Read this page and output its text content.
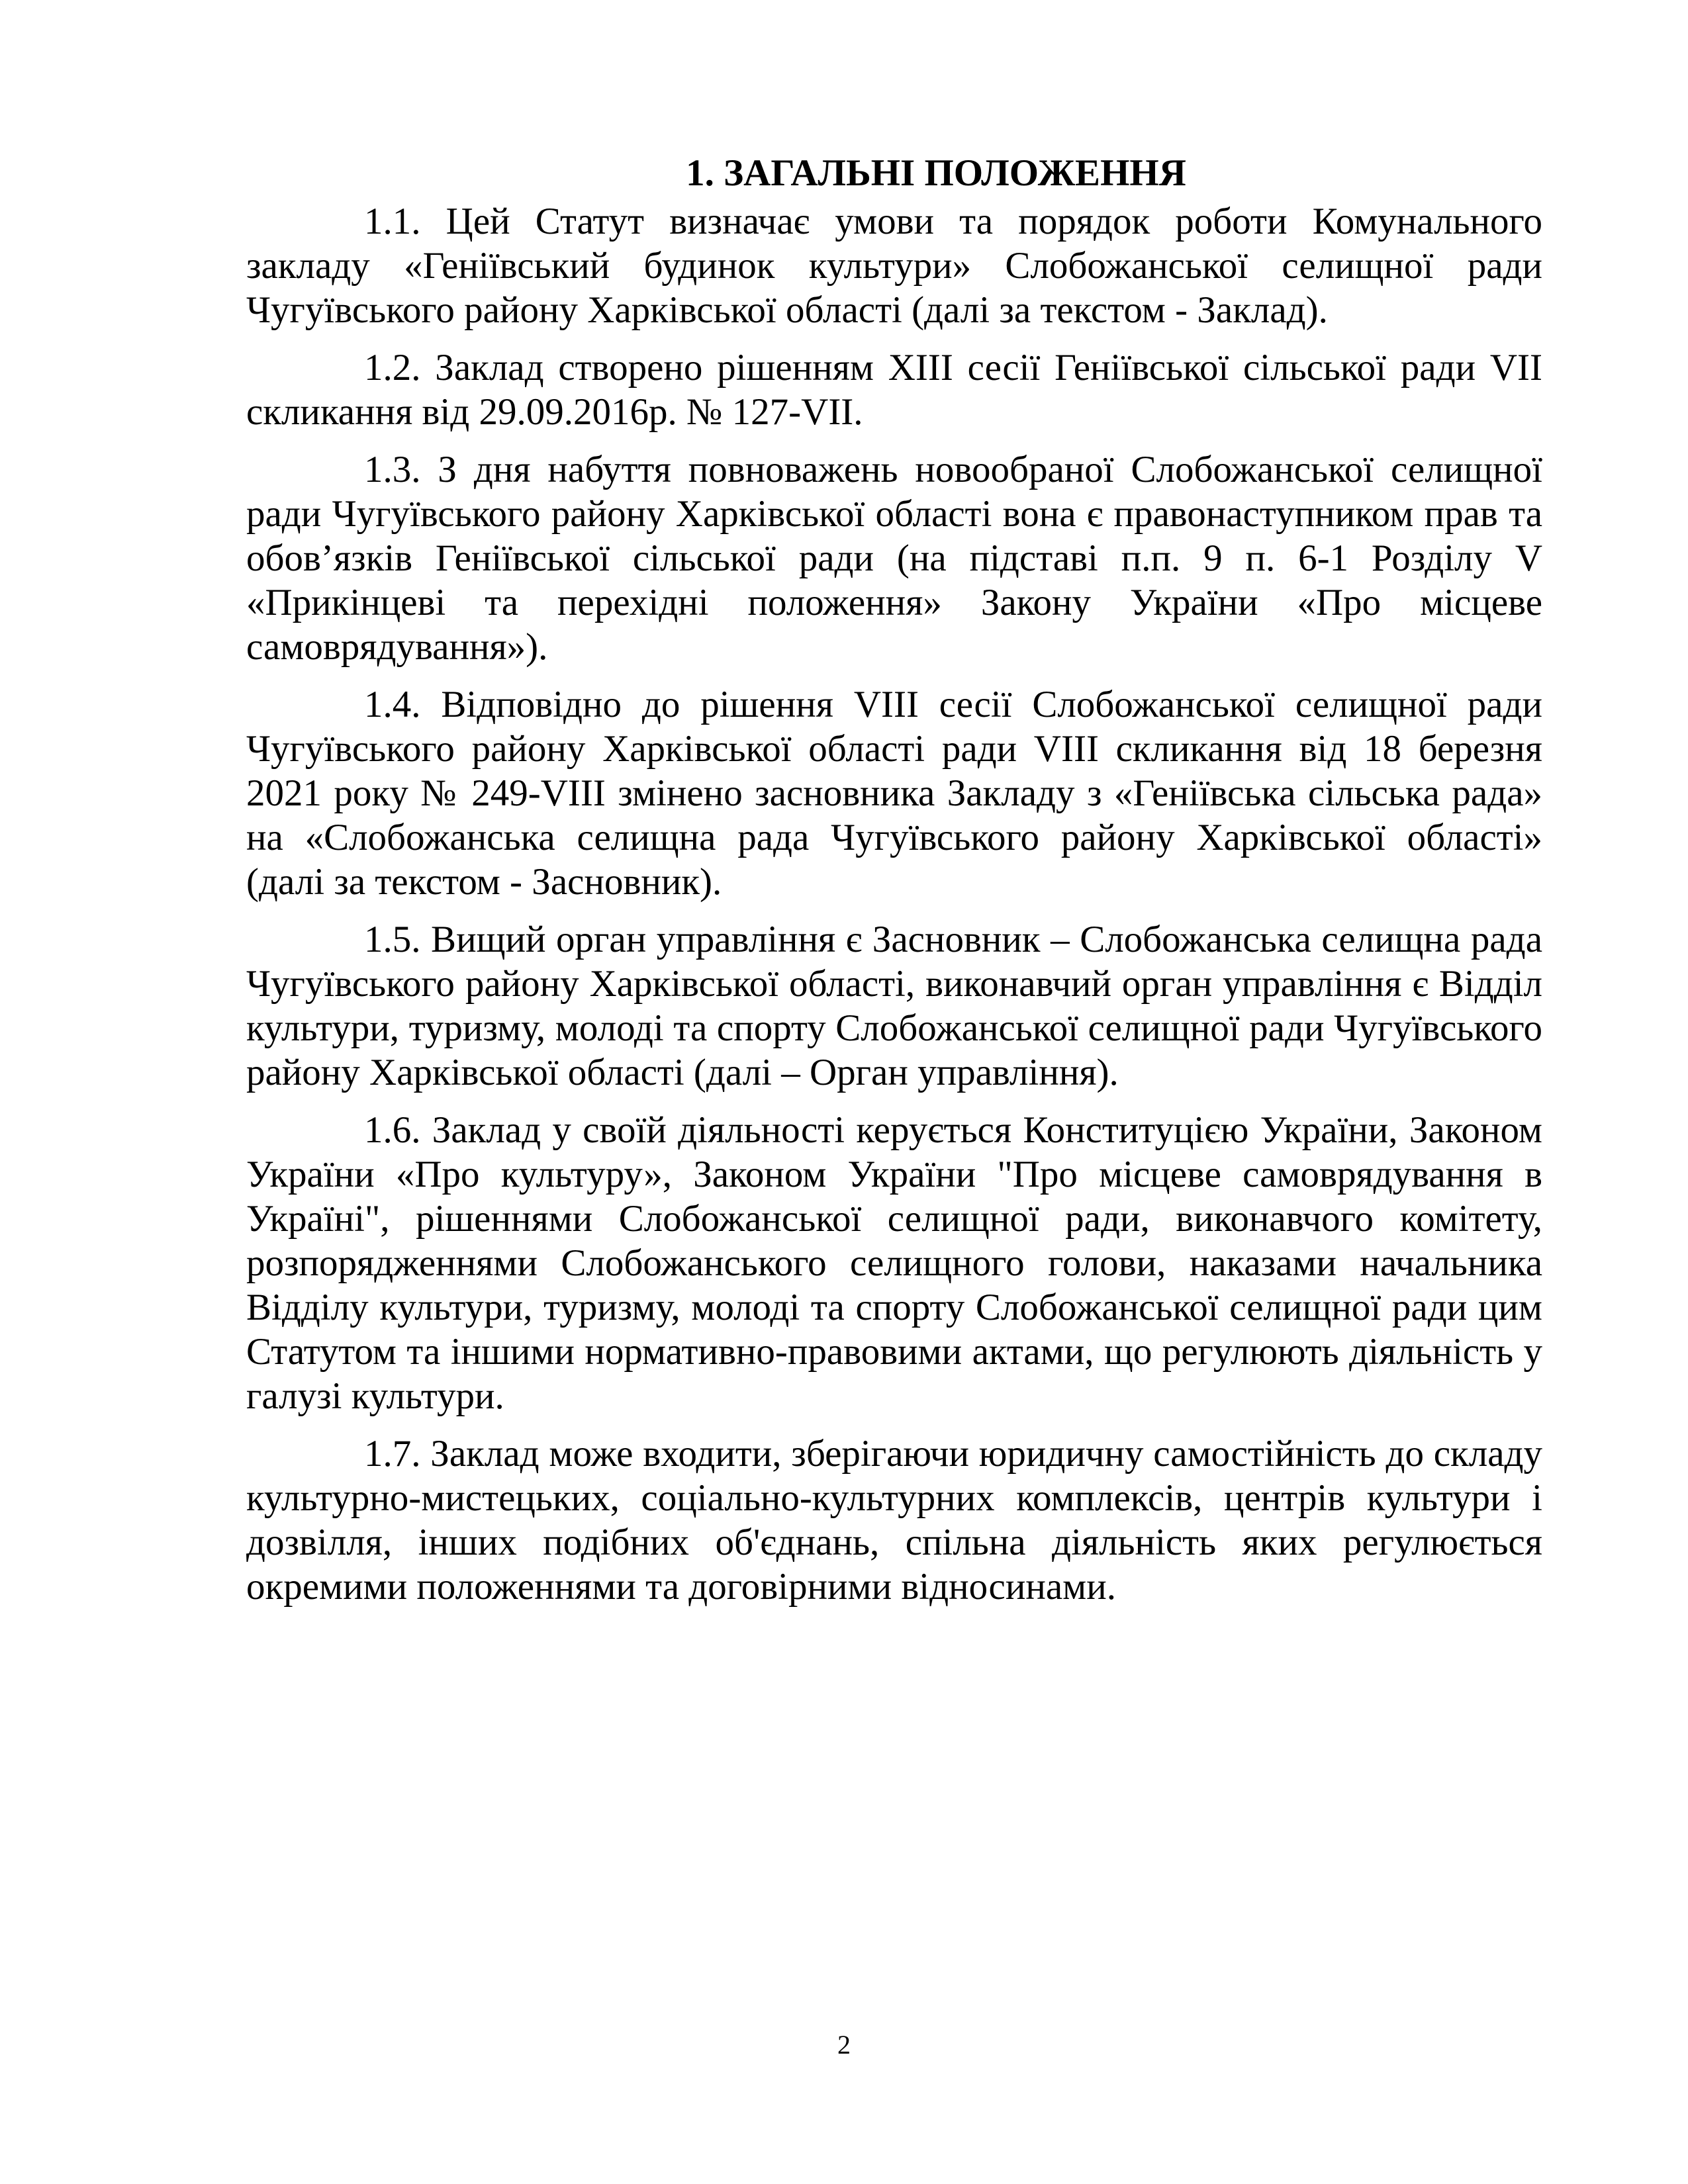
1. ЗАГАЛЬНІ ПОЛОЖЕННЯ

1.1. Цей Статут визначає умови та порядок роботи Комунального закладу «Геніївський будинок культури» Слобожанської селищної ради Чугуївського району Харківської області (далі за текстом - Заклад).

1.2. Заклад створено рішенням XIII сесії Геніївської сільської ради VII скликання від 29.09.2016р. № 127-VII.

1.3. З дня набуття повноважень новообраної Слобожанської селищної ради Чугуївського району Харківської області вона є правонаступником прав та обов’язків Геніївської сільської ради (на підставі п.п. 9 п. 6-1 Розділу V «Прикінцеві та перехідні положення» Закону України «Про місцеве самоврядування»).

1.4. Відповідно до рішення VIII сесії Слобожанської селищної ради Чугуївського району Харківської області ради VIII скликання від 18 березня 2021 року № 249-VIII змінено засновника Закладу з «Геніївська сільська рада» на «Слобожанська селищна рада Чугуївського району Харківської області» (далі за текстом - Засновник).

1.5. Вищий орган управління є Засновник – Слобожанська селищна рада Чугуївського району Харківської області, виконавчий орган управління є Відділ культури, туризму, молоді та спорту Слобожанської селищної ради Чугуївського району Харківської області (далі – Орган управління).

1.6. Заклад у своїй діяльності керується Конституцією України, Законом України «Про культуру», Законом України "Про місцеве самоврядування в Україні", рішеннями Слобожанської селищної ради, виконавчого комітету, розпорядженнями Слобожанського селищного голови, наказами начальника Відділу культури, туризму, молоді та спорту Слобожанської селищної ради цим Статутом та іншими нормативно-правовими актами, що регулюють діяльність у галузі культури.

1.7. Заклад може входити, зберігаючи юридичну самостійність до складу культурно-мистецьких, соціально-культурних комплексів, центрів культури і дозвілля, інших подібних об'єднань, спільна діяльність яких регулюється окремими положеннями та договірними відносинами.

2
